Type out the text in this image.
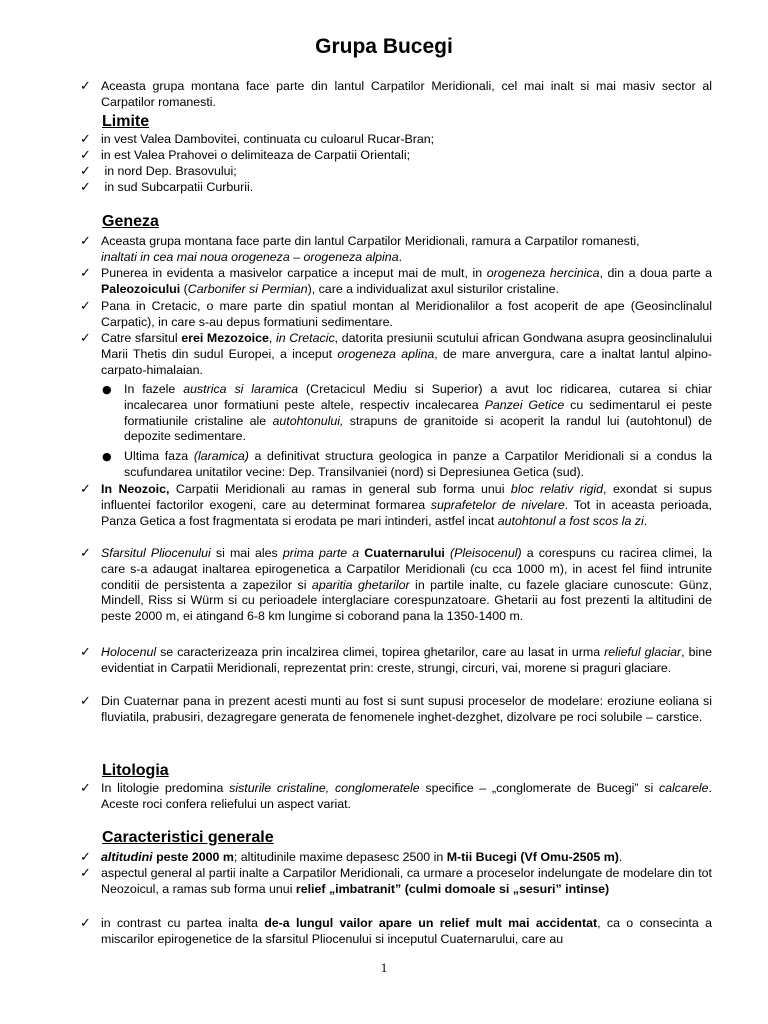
Grupa Bucegi
✓ Aceasta grupa montana face parte din lantul Carpatilor Meridionali, cel mai inalt si mai masiv sector al Carpatilor romanesti.
Limite
✓ in vest Valea Dambovitei, continuata cu culoarul Rucar-Bran;
✓ in est Valea Prahovei o delimiteaza de Carpatii Orientali;
✓ in nord Dep. Brasovului;
✓ in sud Subcarpatii Curburii.
Geneza
✓ Aceasta grupa montana face parte din lantul Carpatilor Meridionali, ramura a Carpatilor romanesti,
inaltati in cea mai noua orogeneza – orogeneza alpina.
✓ Punerea in evidenta a masivelor carpatice a inceput mai de mult, in orogeneza hercinica, din a doua parte a Paleozoicului (Carbonifer si Permian), care a individualizat axul sisturilor cristaline.
✓ Pana in Cretacic, o mare parte din spatiul montan al Meridionalilor a fost acoperit de ape (Geosinclinalul Carpatic), in care s-au depus formatiuni sedimentare.
✓ Catre sfarsitul erei Mezozoice, in Cretacic, datorita presiunii scutului african Gondwana asupra geosinclinalului Marii Thetis din sudul Europei, a inceput orogeneza aplina, de mare anvergura, care a inaltat lantul alpino-carpato-himalaian.
● In fazele austrica si laramica (Cretacicul Mediu si Superior) a avut loc ridicarea, cutarea si chiar incalecarea unor formatiuni peste altele, respectiv incalecarea Panzei Getice cu sedimentarul ei peste formatiunile cristaline ale autohtonului, strapuns de granitoide si acoperit la randul lui (autohtonul) de depozite sedimentare.
● Ultima faza (laramica) a definitivat structura geologica in panze a Carpatilor Meridionali si a condus la scufundarea unitatilor vecine: Dep. Transilvaniei (nord) si Depresiunea Getica (sud).
✓ In Neozoic, Carpatii Meridionali au ramas in general sub forma unui bloc relativ rigid, exondat si supus influentei factorilor exogeni, care au determinat formarea suprafetelor de nivelare. Tot in aceasta perioada, Panza Getica a fost fragmentata si erodata pe mari intinderi, astfel incat autohtonul a fost scos la zi.
✓ Sfarsitul Pliocenului si mai ales prima parte a Cuaternarului (Pleisocenul) a corespuns cu racirea climei, la care s-a adaugat inaltarea epirogenetica a Carpatilor Meridionali (cu cca 1000 m), in acest fel fiind intrunite conditii de persistenta a zapezilor si aparitia ghetarilor in partile inalte, cu fazele glaciare cunoscute: Günz, Mindell, Riss si Würm si cu perioadele interglaciare corespunzatoare. Ghetarii au fost prezenti la altitudini de peste 2000 m, ei atingand 6-8 km lungime si coborand pana la 1350-1400 m.
✓ Holocenul se caracterizeaza prin incalzirea climei, topirea ghetarilor, care au lasat in urma relieful glaciar, bine evidentiat in Carpatii Meridionali, reprezentat prin: creste, strungi, circuri, vai, morene si praguri glaciare.
✓ Din Cuaternar pana in prezent acesti munti au fost si sunt supusi proceselor de modelare: eroziune eoliana si fluviatila, prabusiri, dezagregare generata de fenomenele inghet-dezghet, dizolvare pe roci solubile – carstice.
Litologia
✓ In litologie predomina sisturile cristaline, conglomeratele specifice – „conglomerate de Bucegi” si calcarele. Aceste roci confera reliefului un aspect variat.
Caracteristici generale
✓ altitudini peste 2000 m; altitudinile maxime depasesc 2500 in M-tii Bucegi (Vf Omu-2505 m).
✓ aspectul general al partii inalte a Carpatilor Meridionali, ca urmare a proceselor indelungate de modelare din tot Neozoicul, a ramas sub forma unui relief „imbatranit” (culmi domoale si „sesuri” intinse)
✓ in contrast cu partea inalta de-a lungul vailor apare un relief mult mai accidentat, ca o consecinta a miscarilor epirogenetice de la sfarsitul Pliocenului si inceputul Cuaternarului, care au
1
